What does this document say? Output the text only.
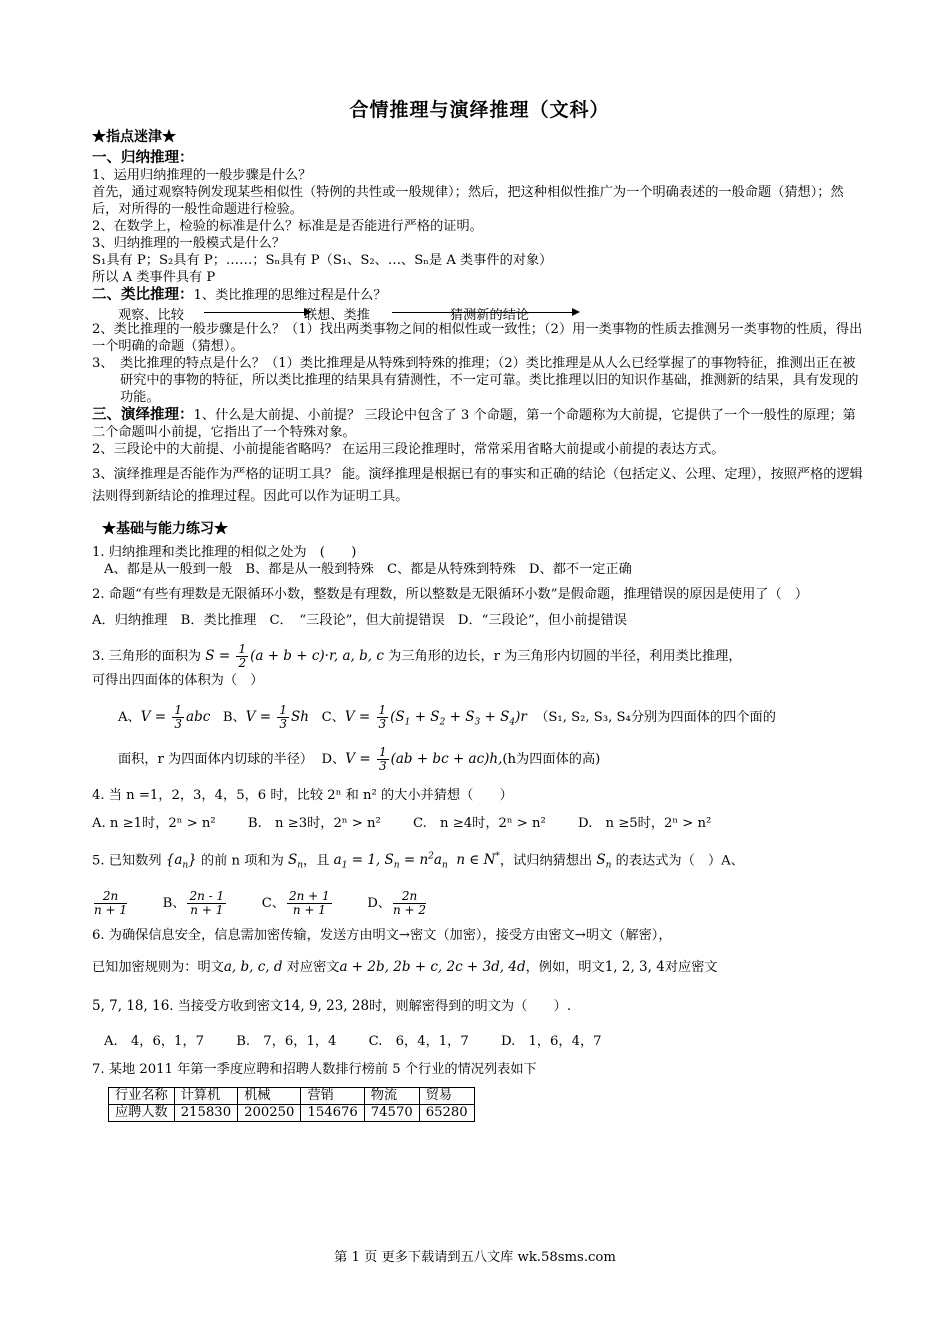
合情推理与演绎推理（文科）
★指点迷津★
一、归纳推理：
1、运用归纳推理的一般步骤是什么？
首先，通过观察特例发现某些相似性（特例的共性或一般规律）；然后，把这种相似性推广为一个明确表述的一般命题（猜想）；然后，对所得的一般性命题进行检验。
2、在数学上，检验的标准是什么？标准是是否能进行严格的证明。
3、归纳推理的一般模式是什么？
S₁具有 P；S₂具有 P；……；Sₙ具有 P（S₁、S₂、…、Sₙ是 A 类事件的对象）
所以 A 类事件具有 P
二、类比推理：1、类比推理的思维过程是什么？
观察、比较	联想、类推	猜测新的结论
2、类比推理的一般步骤是什么？（1）找出两类事物之间的相似性或一致性；（2）用一类事物的性质去推测另一类事物的性质，得出一个明确的命题（猜想）。
3、 类比推理的特点是什么？（1）类比推理是从特殊到特殊的推理；（2）类比推理是从人么已经掌握了的事物特征，推测出正在被研究中的事物的特征，所以类比推理的结果具有猜测性，不一定可靠。类比推理以旧的知识作基础，推测新的结果，具有发现的功能。
三、演绎推理：1、什么是大前提、小前提？ 三段论中包含了 3 个命题，第一个命题称为大前提，它提供了一个一般性的原理；第二个命题叫小前提，它指出了一个特殊对象。
2、三段论中的大前提、小前提能省略吗？ 在运用三段论推理时，常常采用省略大前提或小前提的表达方式。
3、演绎推理是否能作为严格的证明工具？ 能。演绎推理是根据已有的事实和正确的结论（包括定义、公理、定理），按照严格的逻辑法则得到新结论的推理过程。因此可以作为证明工具。
★基础与能力练习★
1. 归纳推理和类比推理的相似之处为　(　　)
A、都是从一般到一般　B、都是从一般到特殊　C、都是从特殊到特殊　D、都不一定正确
2. 命题“有些有理数是无限循环小数，整数是有理数，所以整数是无限循环小数”是假命题，推理错误的原因是使用了（　）
A．归纳推理　B．类比推理　C．　“三段论”，但大前提错误　D．“三段论”，但小前提错误
3. 三角形的面积为 $S = \frac{1}{2} (a + b + c)\cdot r$, a, b, c 为三角形的边长，r 为三角形内切圆的半径，利用类比推理，
可得出四面体的体积为（　）
A、$V = \frac{1}{3}$ abc B、$V = \frac{1}{3}$ Sh C、$V = \frac{1}{3} (S_1 + S_2 + S_3 + S_4)r$ （S₁, S₂, S₃, S₄分别为四面体的四个面的
面积，r 为四面体内切球的半径） D、$V = \frac{1}{3} (ab$ + bc + ac)h,(h为四面体的高)
4. 当 n =1，2，3，4，5，6 时，比较 2ⁿ 和 n² 的大小并猜想（　　）
A. n ≥1时，2ⁿ > n² B.　n ≥3时，2ⁿ > n² C.　n ≥4时，2ⁿ > n² D.　n ≥5时，2ⁿ > n²
5. 已知数列 $\{a_n\}$ 的前 n 项和为 $S_n$，且 $a_1 = 1$, $S_n = n^2a_n$  n ∈ N*，试归纳猜想出 $S_n$ 的表达式为（　）A、
$\frac{2n}{n + 1}$	B、 $\frac{2n - 1}{n + 1}$	C、 $\frac{2n + 1}{n + 1}$	D、 $\frac{2n}{n + 2}$
6. 为确保信息安全，信息需加密传输，发送方由明文→密文（加密），接受方由密文→明文（解密），
已知加密规则为：明文a, b, c, d 对应密文a + 2b, 2b + c, 2c + 3d, 4d，例如，明文1, 2, 3, 4对应密文
5, 7, 18, 16. 当接受方收到密文14, 9, 23, 28时，则解密得到的明文为（　　）.
A.　4，6，1，7 B.　7，6，1，4 C.　6，4，1，7 D.　1，6，4，7
7. 某地 2011 年第一季度应聘和招聘人数排行榜前 5 个行业的情况列表如下
行业名称	计算机	机械	营销	物流	贸易
应聘人数	215830	200250	154676	74570	65280
第 1 页 更多下载请到五八文库 wk.58sms.com
